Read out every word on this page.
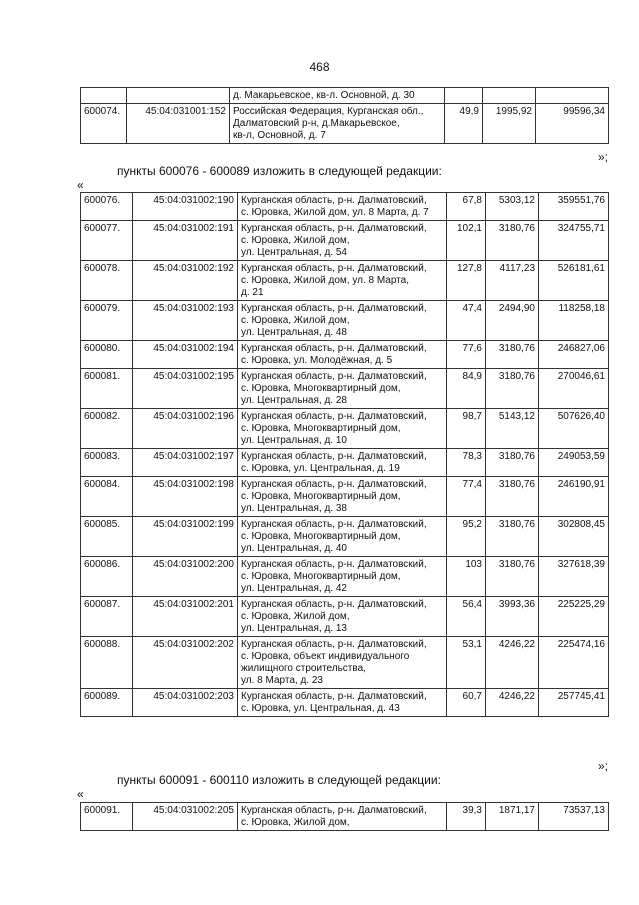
468

		д. Макарьевское, кв-л. Основной, д. 30			

600074.	45:04:031001:152	Российская Федерация, Курганская обл.,
Далматовский р-н, д.Макарьевское,
кв-л, Основной, д. 7	49,9	1995,92	99596,34
»;
пункты 600076 - 600089 изложить в следующей редакции:
«
600076.	45:04:031002:190	Курганская область, р-н. Далматовский,
с. Юровка, Жилой дом, ул. 8 Марта, д. 7	67,8	5303,12	359551,76
600077.	45:04:031002:191	Курганская область, р-н. Далматовский,
с. Юровка, Жилой дом,
ул. Центральная, д. 54	102,1	3180,76	324755,71
600078.	45:04:031002:192	Курганская область, р-н. Далматовский,
с. Юровка, Жилой дом, ул. 8 Марта,
д. 21	127,8	4117,23	526181,61
600079.	45:04:031002:193	Курганская область, р-н. Далматовский,
с. Юровка, Жилой дом,
ул. Центральная, д. 48	47,4	2494,90	118258,18
600080.	45:04:031002:194	Курганская область, р-н. Далматовский,
с. Юровка, ул. Молодёжная, д. 5	77,6	3180,76	246827,06
600081.	45:04:031002:195	Курганская область, р-н. Далматовский,
с. Юровка, Многоквартирный дом,
ул. Центральная, д. 28	84,9	3180,76	270046,61
600082.	45:04:031002:196	Курганская область, р-н. Далматовский,
с. Юровка, Многоквартирный дом,
ул. Центральная, д. 10	98,7	5143,12	507626,40
600083.	45:04:031002:197	Курганская область, р-н. Далматовский,
с. Юровка, ул. Центральная, д. 19	78,3	3180,76	249053,59
600084.	45:04:031002:198	Курганская область, р-н. Далматовский,
с. Юровка, Многоквартирный дом,
ул. Центральная, д. 38	77,4	3180,76	246190,91
600085.	45:04:031002:199	Курганская область, р-н. Далматовский,
с. Юровка, Многоквартирный дом,
ул. Центральная, д. 40	95,2	3180,76	302808,45
600086.	45:04:031002:200	Курганская область, р-н. Далматовский,
с. Юровка, Многоквартирный дом,
ул. Центральная, д. 42	103	3180,76	327618,39
600087.	45:04:031002:201	Курганская область, р-н. Далматовский,
с. Юровка, Жилой дом,
ул. Центральная, д. 13	56,4	3993,36	225225,29
600088.	45:04:031002:202	Курганская область, р-н. Далматовский,
с. Юровка, объект индивидуального
жилищного строительства,
ул. 8 Марта, д. 23	53,1	4246,22	225474,16
600089.	45:04:031002:203	Курганская область, р-н. Далматовский,
с. Юровка, ул. Центральная, д. 43	60,7	4246,22	257745,41
»;
пункты 600091 - 600110 изложить в следующей редакции:
«
600091.	45:04:031002:205	Курганская область, р-н. Далматовский,
с. Юровка, Жилой дом,
	39,3	1871,17	73537,13
